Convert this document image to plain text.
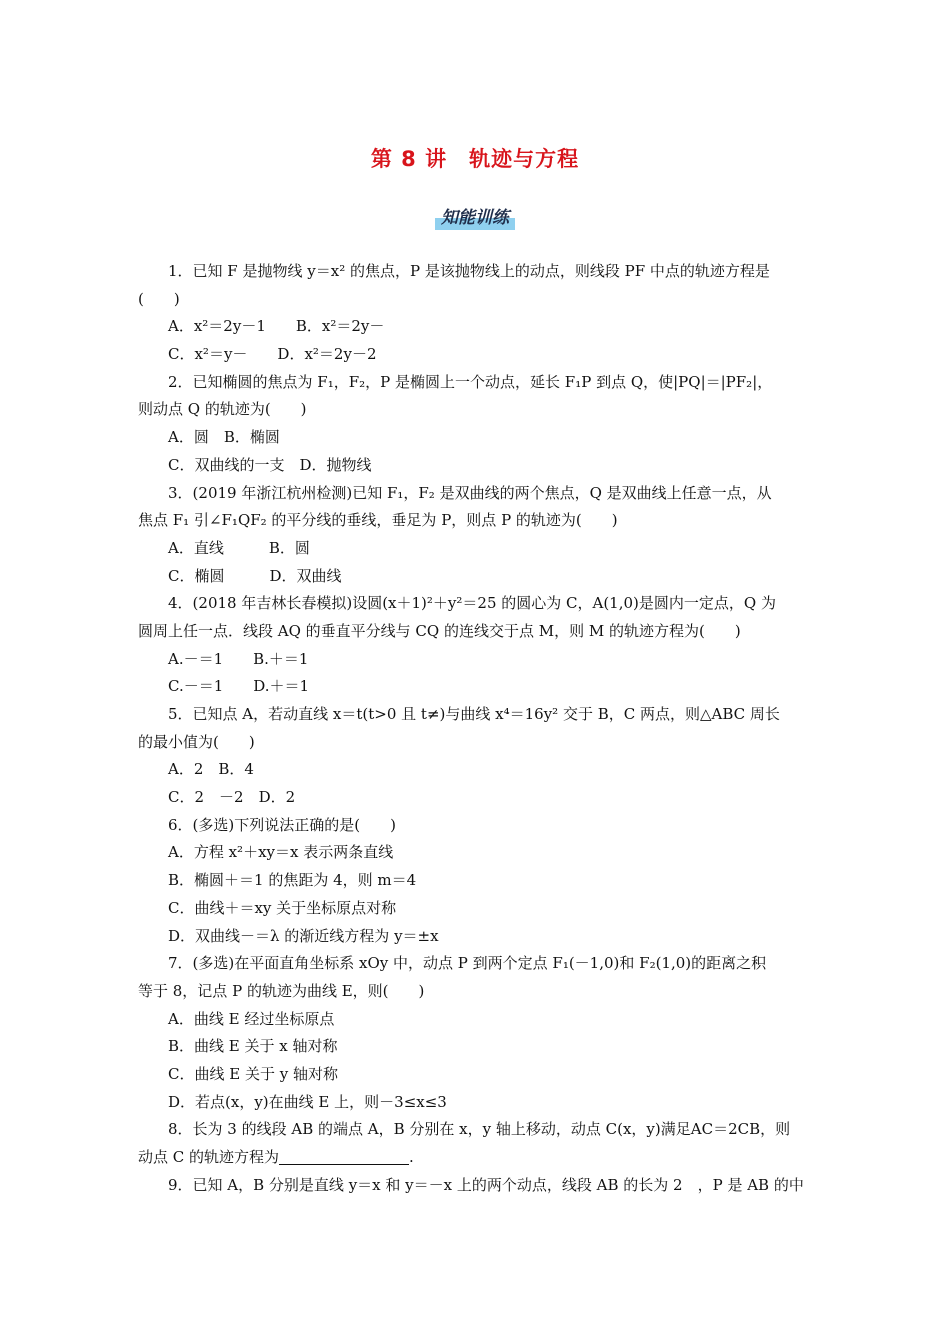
第 8 讲　轨迹与方程
知能训练
1．已知 F 是抛物线 y＝x² 的焦点，P 是该抛物线上的动点，则线段 PF 中点的轨迹方程是
(　　)
A．x²＝2y－1　　B．x²＝2y－
C．x²＝y－　　D．x²＝2y－2
2．已知椭圆的焦点为 F₁，F₂，P 是椭圆上一个动点，延长 F₁P 到点 Q，使|PQ|＝|PF₂|，
则动点 Q 的轨迹为(　　)
A．圆　B．椭圆
C．双曲线的一支　D．抛物线
3．(2019 年浙江杭州检测)已知 F₁，F₂ 是双曲线的两个焦点，Q 是双曲线上任意一点，从
焦点 F₁ 引∠F₁QF₂ 的平分线的垂线，垂足为 P，则点 P 的轨迹为(　　)
A．直线　　　B．圆
C．椭圆　　　D．双曲线
4．(2018 年吉林长春模拟)设圆(x＋1)²＋y²＝25 的圆心为 C，A(1,0)是圆内一定点，Q 为
圆周上任一点．线段 AQ 的垂直平分线与 CQ 的连线交于点 M，则 M 的轨迹方程为(　　)
A.－＝1　　B.＋＝1
C.－＝1　　D.＋＝1
5．已知点 A，若动直线 x＝t(t>0 且 t≠)与曲线 x⁴＝16y² 交于 B，C 两点，则△ABC 周长
的最小值为(　　)
A．2　B．4
C．2　－2　D．2
6．(多选)下列说法正确的是(　　)
A．方程 x²＋xy＝x 表示两条直线
B．椭圆＋＝1 的焦距为 4，则 m＝4
C．曲线＋＝xy 关于坐标原点对称
D．双曲线－＝λ 的渐近线方程为 y＝±x
7．(多选)在平面直角坐标系 xOy 中，动点 P 到两个定点 F₁(－1,0)和 F₂(1,0)的距离之积
等于 8，记点 P 的轨迹为曲线 E，则(　　)
A．曲线 E 经过坐标原点
B．曲线 E 关于 x 轴对称
C．曲线 E 关于 y 轴对称
D．若点(x，y)在曲线 E 上，则－3≤x≤3
8．长为 3 的线段 AB 的端点 A，B 分别在 x，y 轴上移动，动点 C(x，y)满足AC＝2CB，则
动点 C 的轨迹方程为	.
9．已知 A，B 分别是直线 y＝x 和 y＝－x 上的两个动点，线段 AB 的长为 2　，P 是 AB 的中
